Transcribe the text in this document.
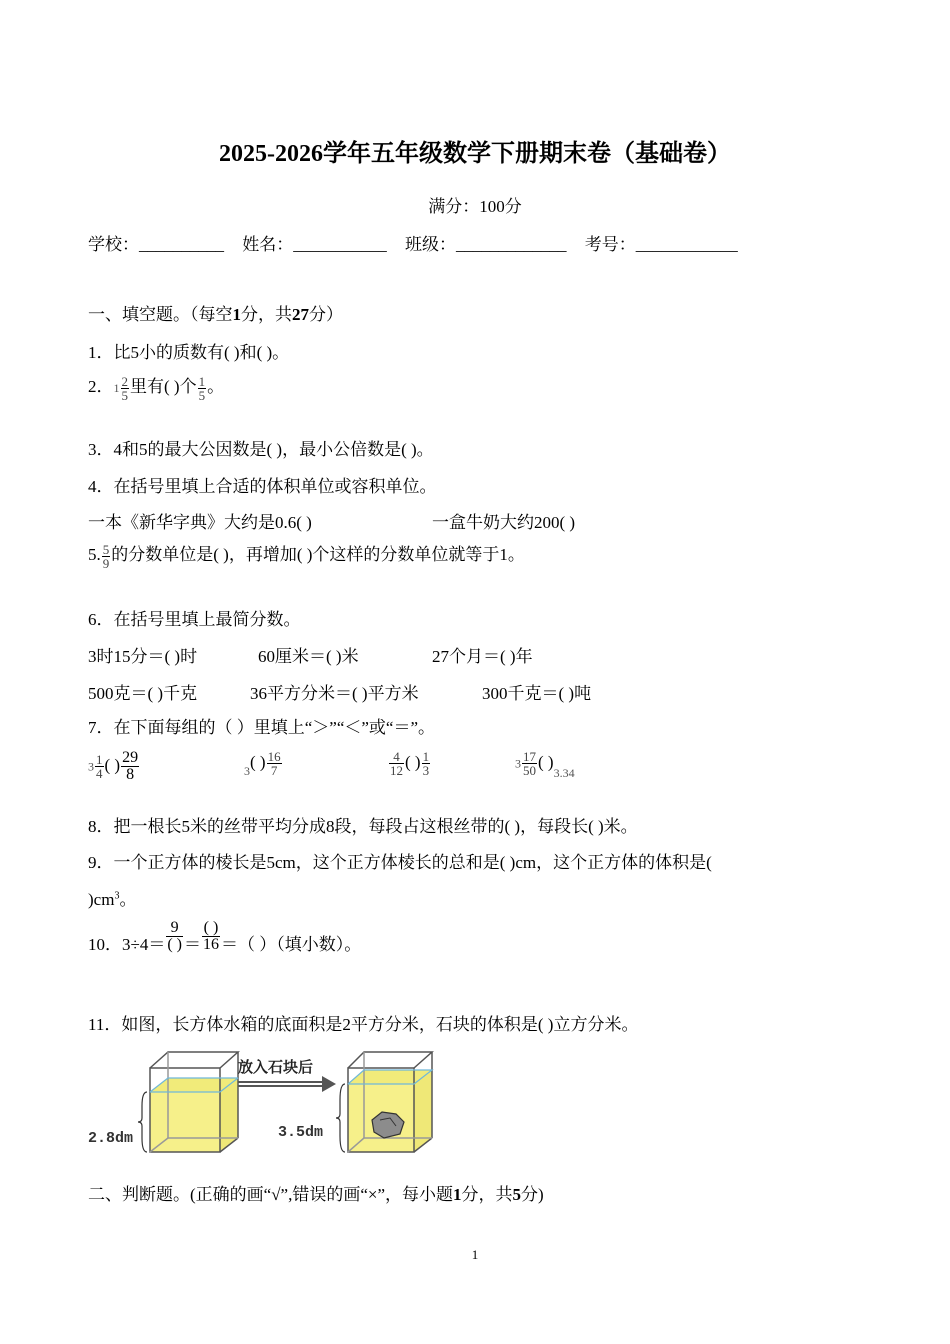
2025-2026学年五年级数学下册期末卷（基础卷）
满分：100分
学校：__________ 姓名：___________ 班级：_____________ 考号：____________
一、填空题。（每空1分，共27分）
1．比5小的质数有( )和( )。
2．$1 \frac{2}{5}$ 里有( )个 $\frac{1}{5}$ 。
3．4和5的最大公因数是( )，最小公倍数是( )。
4．在括号里填上合适的体积单位或容积单位。
一本《新华字典》大约是0.6( )	一盒牛奶大约200( )
5. $\frac{5}{9}$ 的分数单位是( )，再增加( )个这样的分数单位就等于1。
6．在括号里填上最简分数。
3时15分＝( )时	60厘米＝( )米	27个月＝( )年
500克＝( )千克	36平方分米＝( )平方米	300千克＝( )吨
7．在下面每组的（ ）里填上“＞”“＜”或“＝”。
$3 \frac{1}{4}$ ( ) $\frac{29}{8}$	$_3$( ) $\frac{16}{7}$	$\frac{4}{12}$ ( ) $\frac{1}{3}$	$3 \frac{17}{50}$ ( )$_{3.34}$
8．把一根长5米的丝带平均分成8段，每段占这根丝带的( )，每段长( )米。
9．一个正方体的棱长是5cm，这个正方体棱长的总和是( )cm，这个正方体的体积是(
)$cm^3$。
10．$3\div 4= \frac{9}{( )} = \frac{( )}{16}$ ＝（ ）（填小数）。
11．如图，长方体水箱的底面积是2平方分米，石块的体积是( )立方分米。
2.8dm
放入石块后
3.5dm
二、判断题。(正确的画“√”,错误的画“×”，每小题1分，共5分)
1
